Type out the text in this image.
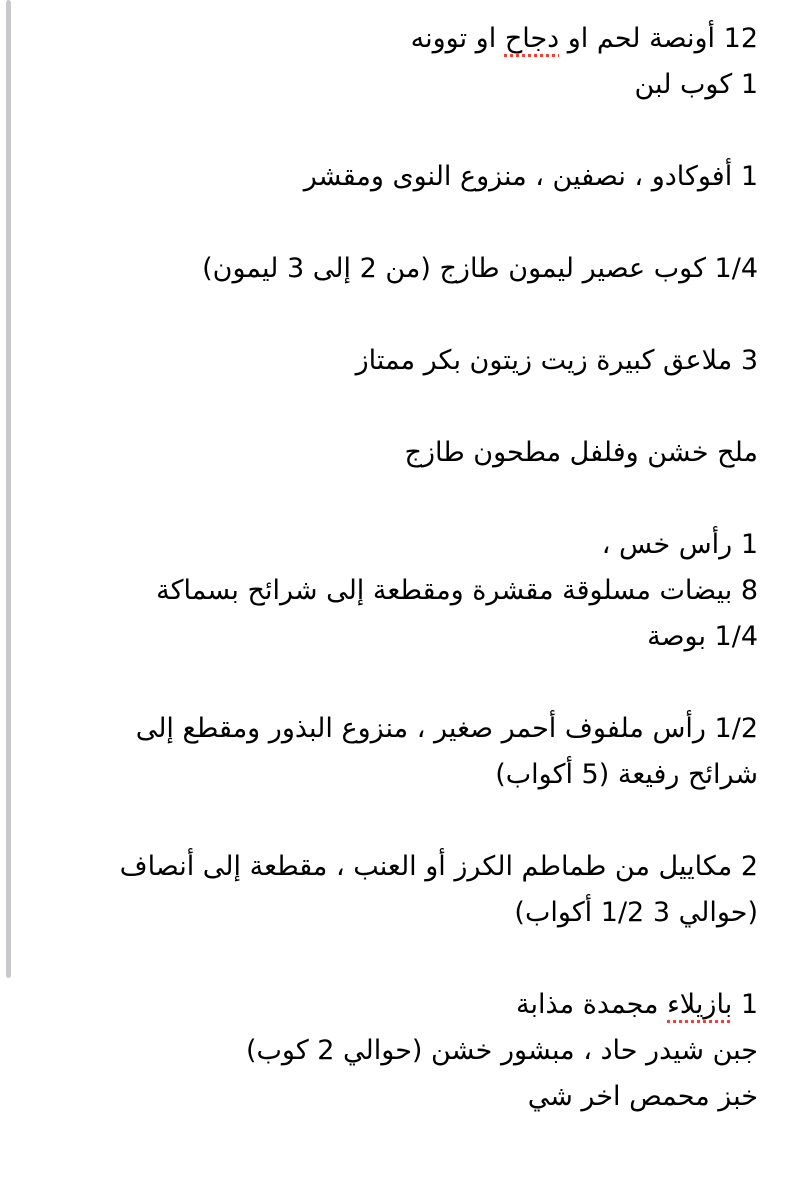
12 أونصة لحم او دجاح او توونه
1 كوب لبن
1 أفوكادو ، نصفين ، منزوع النوى ومقشر
1/4 كوب عصير ليمون طازج (من 2 إلى 3 ليمون)
3 ملاعق كبيرة زيت زيتون بكر ممتاز
ملح خشن وفلفل مطحون طازج
1 رأس خس ،
8 بيضات مسلوقة مقشرة ومقطعة إلى شرائح بسماكة
1/4 بوصة
1/2 رأس ملفوف أحمر صغير ، منزوع البذور ومقطع إلى
شرائح رفيعة (5 أكواب)
2 مكاييل من طماطم الكرز أو العنب ، مقطعة إلى أنصاف
(حوالي 3 1/2 أكواب)
1 بازيلاء مجمدة مذابة
جبن شيدر حاد ، مبشور خشن (حوالي 2 كوب)
خبز محمص اخر شي
